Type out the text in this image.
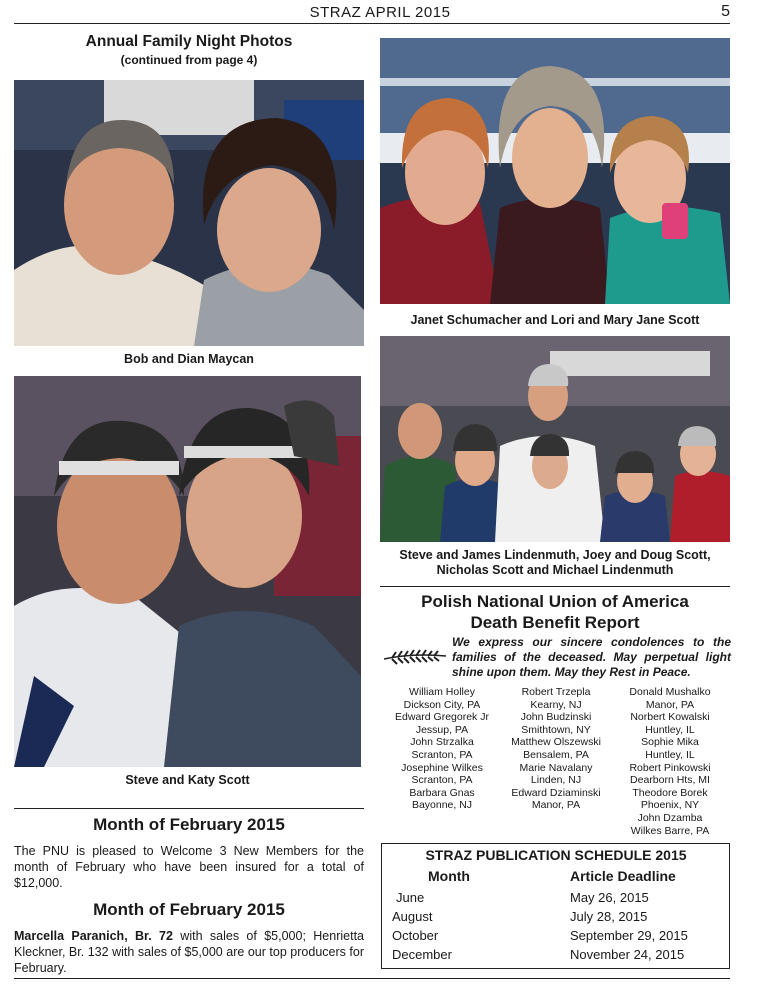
STRAZ APRIL 2015	5
Annual Family Night Photos
(continued from page 4)
Bob and Dian Maycan
Steve and Katy Scott
Janet Schumacher and Lori and Mary Jane Scott
Steve and James Lindenmuth, Joey and Doug Scott,
Nicholas Scott and Michael Lindenmuth
Polish National Union of America
Death Benefit Report
We express our sincere condolences to the families of the deceased. May perpetual light shine upon them. May they Rest in Peace.
William Holley
Dickson City, PA
Edward Gregorek Jr
Jessup, PA
John Strzalka
Scranton, PA
Josephine Wilkes
Scranton, PA
Barbara Gnas
Bayonne, NJ
Robert Trzepla
Kearny, NJ
John Budzinski
Smithtown, NY
Matthew Olszewski
Bensalem, PA
Marie Navalany
Linden, NJ
Edward Dziaminski
Manor, PA
Donald Mushalko
Manor, PA
Norbert Kowalski
Huntley, IL
Sophie Mika
Huntley, IL
Robert Pinkowski
Dearborn Hts, MI
Theodore Borek
Phoenix, NY
John Dzamba
Wilkes Barre, PA
Month of February 2015
The PNU is pleased to Welcome 3 New Members for the month of February who have been insured for a total of $12,000.
Month of February 2015
Marcella Paranich, Br. 72 with sales of $5,000; Henrietta Kleckner, Br. 132 with sales of $5,000 are our top producers for February.
STRAZ PUBLICATION SCHEDULE 2015
Month	Article Deadline
June	May 26, 2015
August	July 28, 2015
October	September 29, 2015
December	November 24, 2015
